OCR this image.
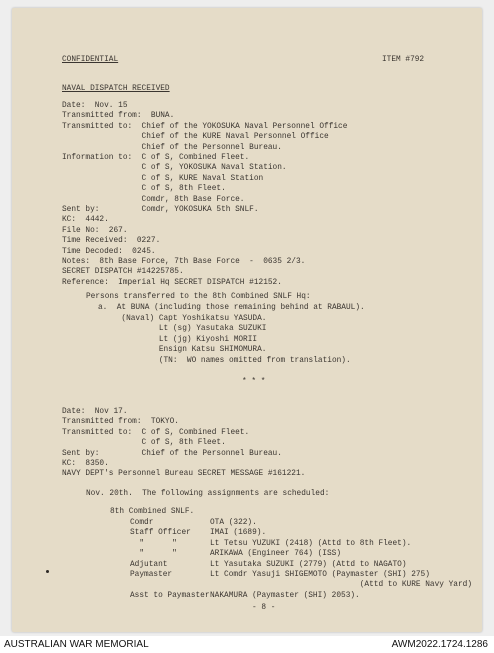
CONFIDENTIAL	ITEM #792
NAVAL DISPATCH RECEIVED
Date:  Nov. 15
Transmitted from:  BUNA.
Transmitted to:  Chief of the YOKOSUKA Naval Personnel Office
Chief of the KURE Naval Personnel Office
Chief of the Personnel Bureau.
Information to:  C of S, Combined Fleet.
C of S, YOKOSUKA Naval Station.
C of S, KURE Naval Station
C of S, 8th Fleet.
Comdr, 8th Base Force.
Sent by:         Comdr, YOKOSUKA 5th SNLF.
KC:  4442.
File No:  267.
Time Received:  0227.
Time Decoded:  0245.
Notes:  8th Base Force, 7th Base Force  -  0635 2/3.
SECRET DISPATCH #14225785.
Reference:  Imperial Hq SECRET DISPATCH #12152.
Persons transferred to the 8th Combined SNLF Hq:
a.  At BUNA (including those remaining behind at RABAUL).
(Naval) Capt Yoshikatsu YASUDA.
Lt (sg) Yasutaka SUZUKI
Lt (jg) Kiyoshi MORII
Ensign Katsu SHIMOMURA.
(TN:  WO names omitted from translation).
* * *
Date:  Nov 17.
Transmitted from:  TOKYO.
Transmitted to:  C of S, Combined Fleet.
C of S, 8th Fleet.
Sent by:         Chief of the Personnel Bureau.
KC:  8350.
NAVY DEPT's Personnel Bureau SECRET MESSAGE #161221.
Nov. 20th.  The following assignments are scheduled:
8th Combined SNLF.
Comdr	OTA (322).
Staff Officer IMAI (1689).
"      "	Lt Tetsu YUZUKI (2418) (Attd to 8th Fleet).
"      "	ARIKAWA (Engineer 764) (ISS)
Adjutant	Lt Yasutaka SUZUKI (2779) (Attd to NAGATO)
Paymaster	Lt Comdr Yasuji SHIGEMOTO (Paymaster (SHI) 275)
(Attd to KURE Navy Yard)
Asst to Paymaster NAKAMURA (Paymaster (SHI) 2053).
- 8 -
AUSTRALIAN WAR MEMORIAL	AWM2022.1724.1286
